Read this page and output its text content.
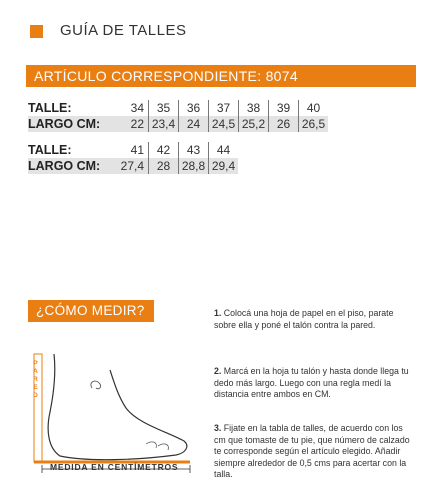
GUÍA DE TALLES
ARTÍCULO CORRESPONDIENTE: 8074
TALLE:	34	35	36	37	38	39	40
LARGO CM:	22 23,4 24 24,5 25,2 26 26,5
TALLE:	41	42	43	44
LARGO CM:	27,4	28 28,8 29,4
¿CÓMO MEDIR?
PARED
MEDIDA EN CENTÍMETROS
1. Colocá una hoja de papel en el piso, parate sobre ella y poné el talón contra la pared.
2. Marcá en la hoja tu talón y hasta donde llega tu dedo más largo. Luego con una regla medí la distancia entre ambos en CM.
3. Fijate en la tabla de talles, de acuerdo con los cm que tomaste de tu pie, que número de calzado te corresponde según el artículo elegido. Añadir siempre alrededor de 0,5 cms para acertar con la talla.
